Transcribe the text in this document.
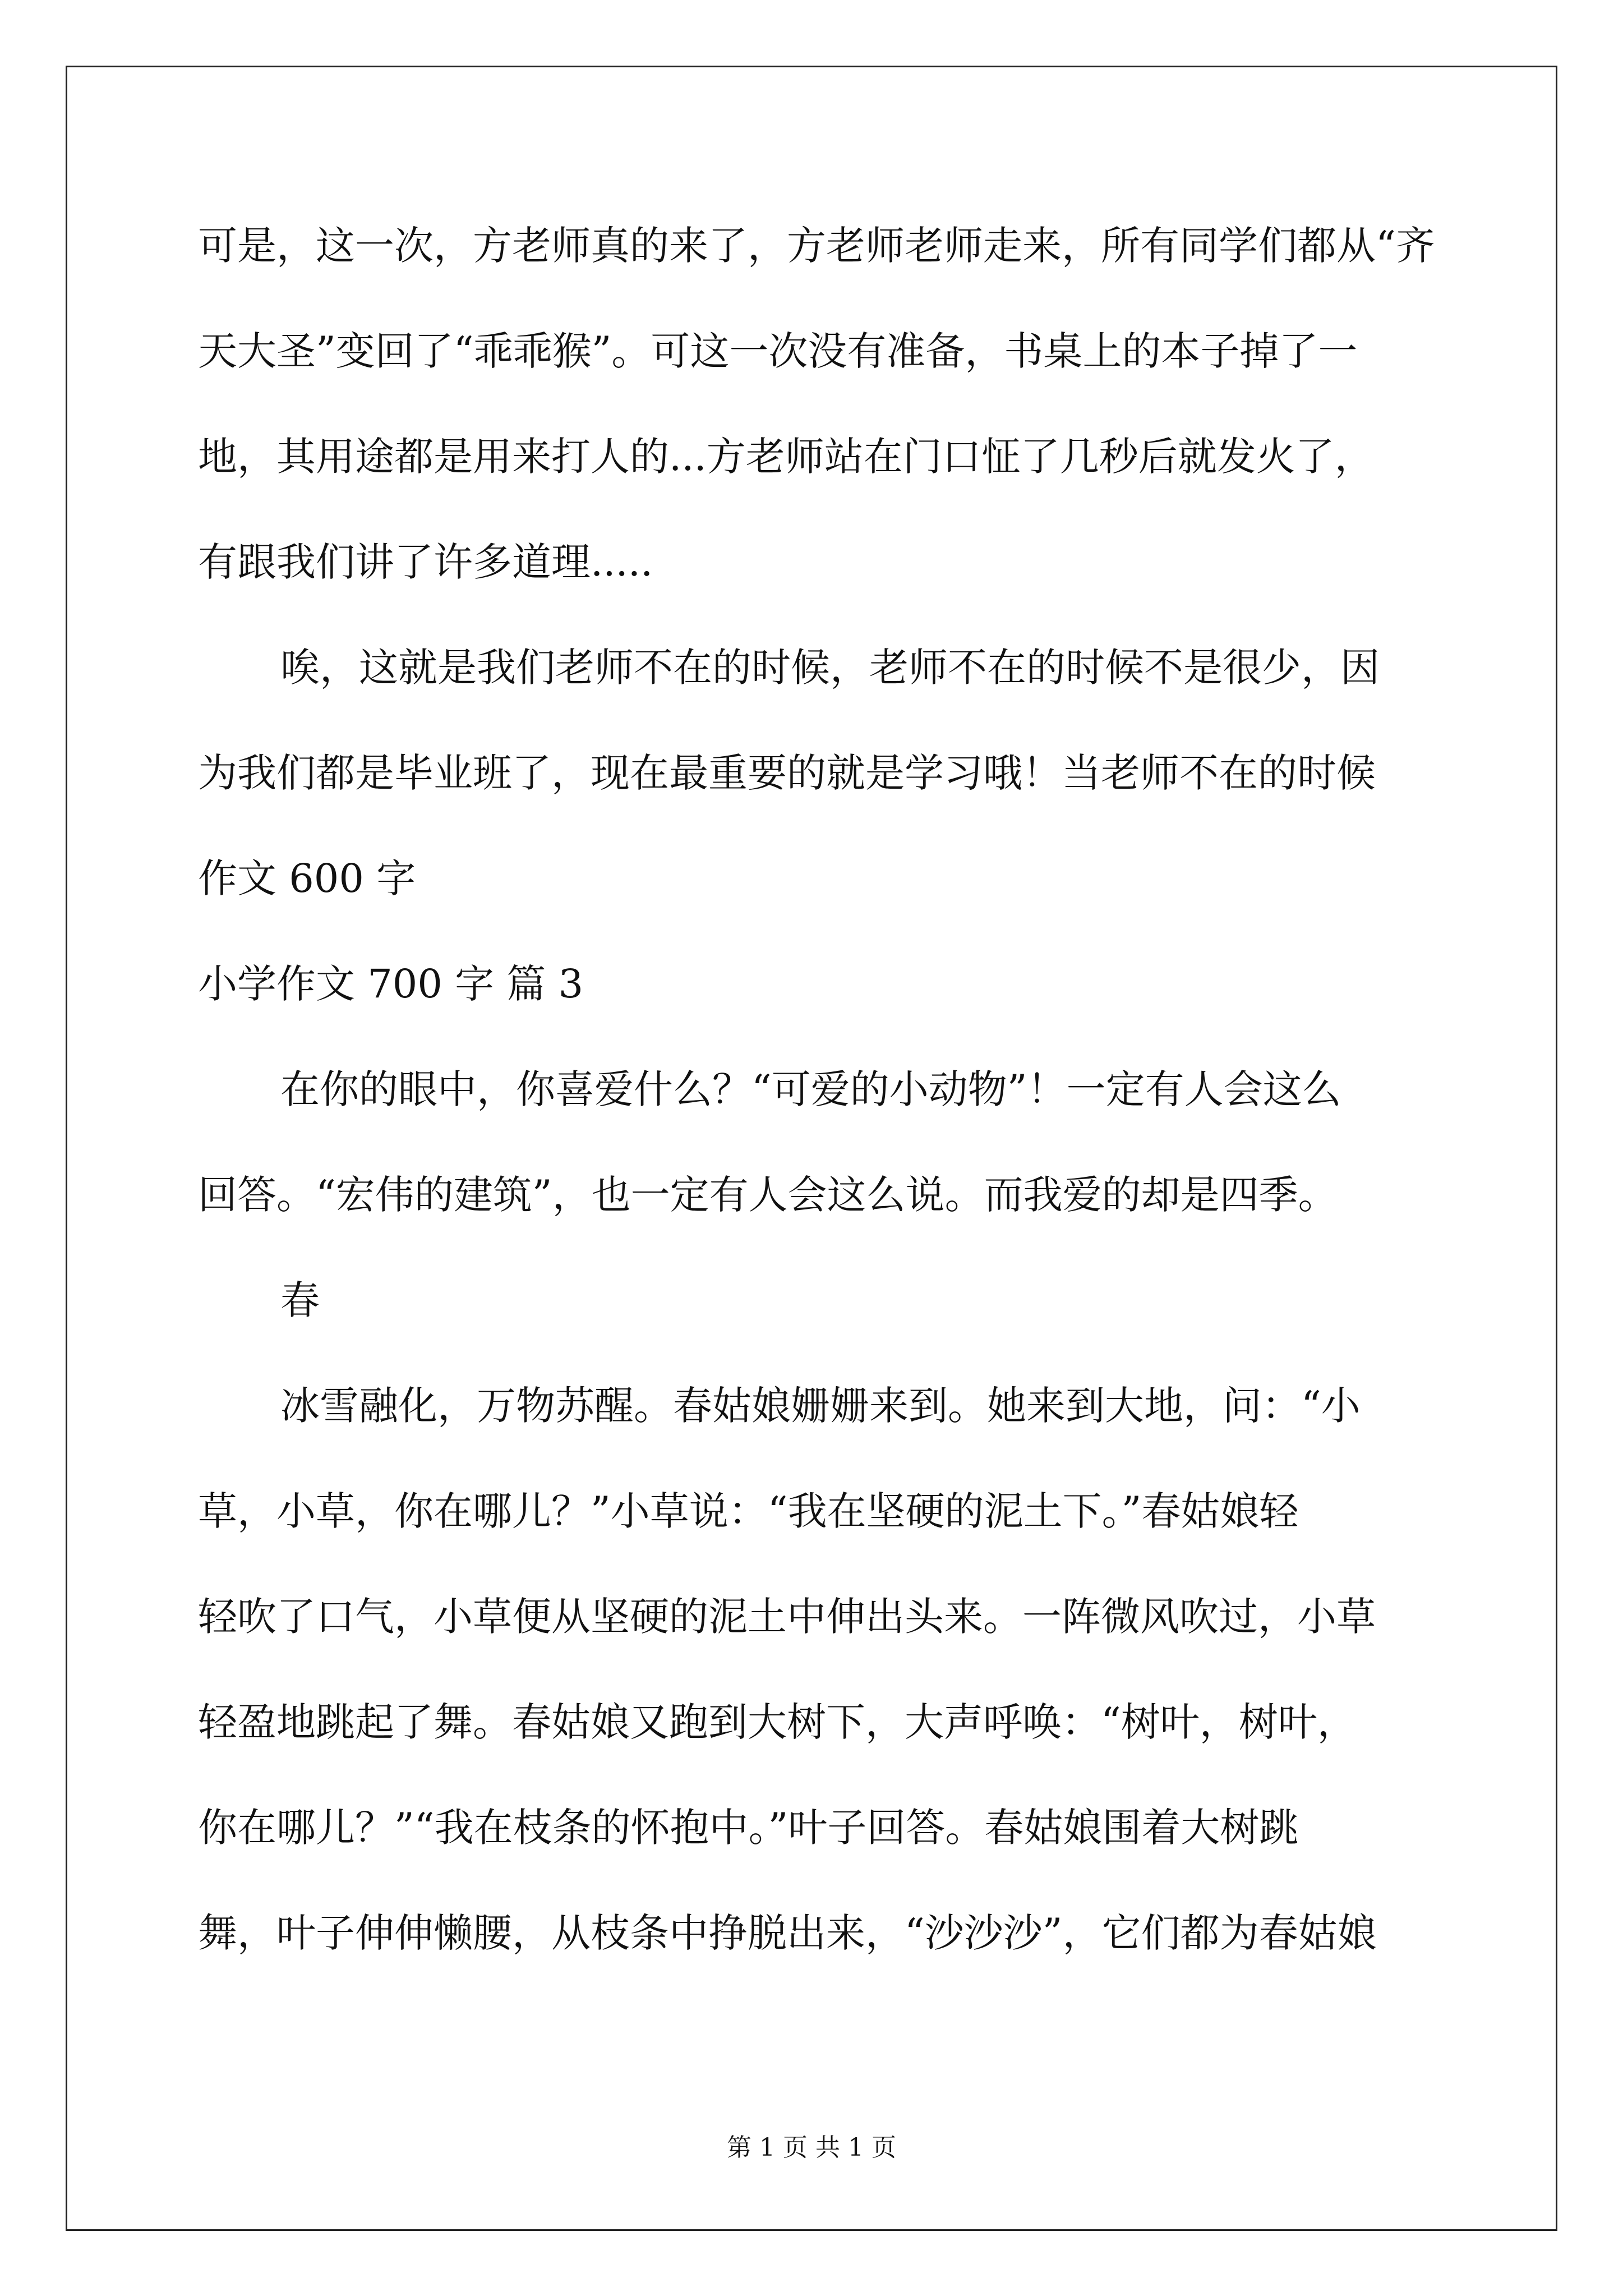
可是，这一次，方老师真的来了，方老师老师走来，所有同学们都从“齐

天大圣”变回了“乖乖猴”。可这一次没有准备，书桌上的本子掉了一

地，其用途都是用来打人的...方老师站在门口怔了几秒后就发火了，

有跟我们讲了许多道理.....

唉，这就是我们老师不在的时候，老师不在的时候不是很少，因

为我们都是毕业班了，现在最重要的就是学习哦！当老师不在的时候

作文 600 字

小学作文 700 字 篇 3

在你的眼中，你喜爱什么？“可爱的小动物”！一定有人会这么

回答。“宏伟的建筑”，也一定有人会这么说。而我爱的却是四季。

春

冰雪融化，万物苏醒。春姑娘姗姗来到。她来到大地，问：“小

草，小草，你在哪儿？”小草说：“我在坚硬的泥土下。”春姑娘轻

轻吹了口气，小草便从坚硬的泥土中伸出头来。一阵微风吹过，小草

轻盈地跳起了舞。春姑娘又跑到大树下，大声呼唤：“树叶，树叶，

你在哪儿？”“我在枝条的怀抱中。”叶子回答。春姑娘围着大树跳

舞，叶子伸伸懒腰，从枝条中挣脱出来，“沙沙沙”，它们都为春姑娘

第 1 页 共 1 页
